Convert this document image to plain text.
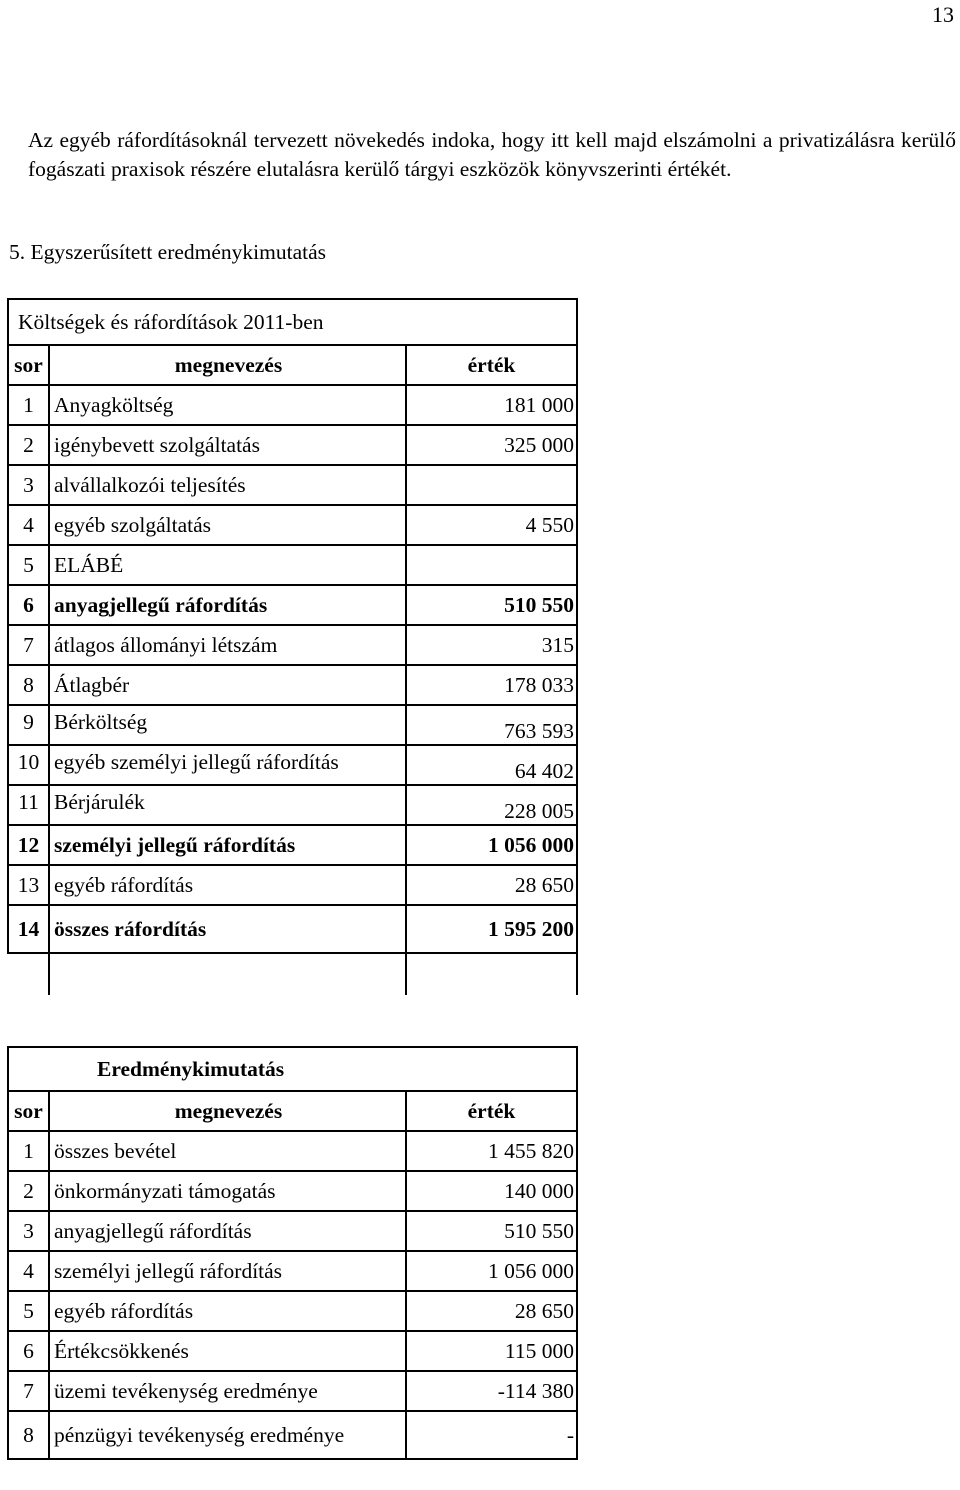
13
Az egyéb ráfordításoknál tervezett növekedés indoka, hogy itt kell majd elszámolni a privatizálásra kerülő fogászati praxisok részére elutalásra kerülő tárgyi eszközök könyvszerinti értékét.
5. Egyszerűsített eredménykimutatás
Költségek és ráfordítások 2011-ben		
sor	megnevezés	érték
1	Anyagköltség	181 000
2	igénybevett szolgáltatás	325 000
3	alvállalkozói teljesítés	
4	egyéb szolgáltatás	4 550
5	ELÁBÉ	
6	anyagjellegű ráfordítás	510 550
7	átlagos állományi létszám	315
8	Átlagbér	178 033
9	Bérköltség	763 593
10	egyéb személyi jellegű ráfordítás	64 402
11	Bérjárulék	228 005
12	személyi jellegű ráfordítás	1 056 000
13	egyéb ráfordítás	28 650
14	összes ráfordítás	1 595 200

Eredménykimutatás		
sor	megnevezés	érték
1	összes bevétel	1 455 820
2	önkormányzati támogatás	140 000
3	anyagjellegű ráfordítás	510 550
4	személyi jellegű ráfordítás	1 056 000
5	egyéb ráfordítás	28 650
6	Értékcsökkenés	115 000
7	üzemi tevékenység eredménye	-114 380
8	pénzügyi tevékenység eredménye	-
